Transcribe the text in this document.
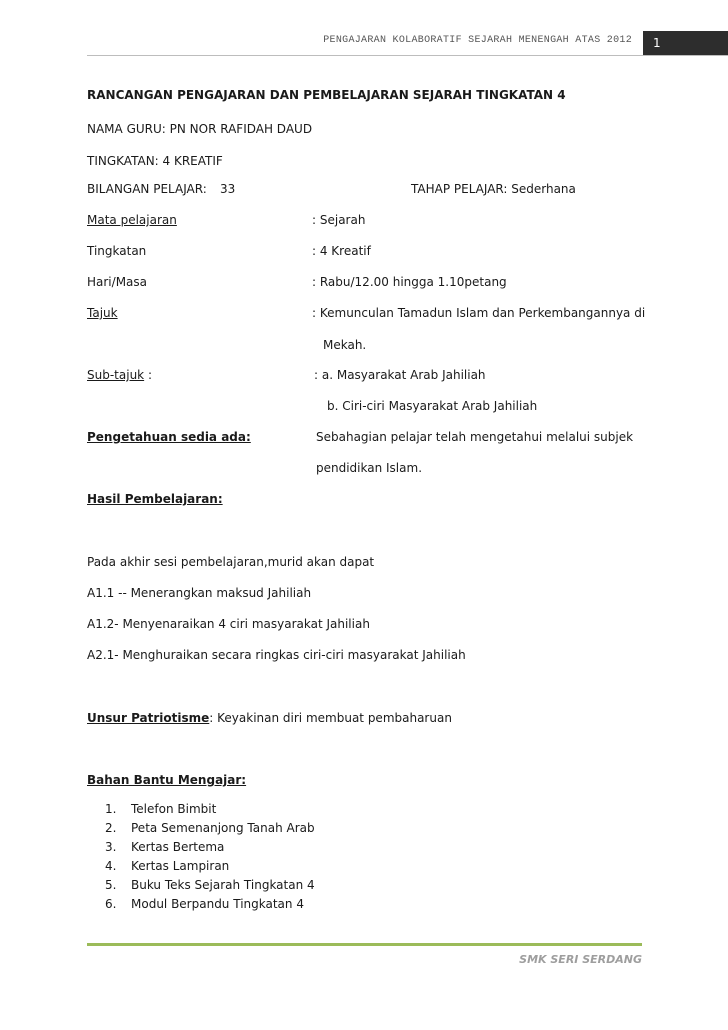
PENGAJARAN KOLABORATIF SEJARAH MENENGAH ATAS 2012	1
RANCANGAN PENGAJARAN DAN PEMBELAJARAN SEJARAH TINGKATAN 4
NAMA GURU: PN NOR RAFIDAH DAUD
TINGKATAN: 4 KREATIF
BILANGAN PELAJAR: 33	TAHAP PELAJAR: Sederhana
Mata pelajaran	: Sejarah
Tingkatan	: 4 Kreatif
Hari/Masa	: Rabu/12.00 hingga 1.10petang
Tajuk	: Kemunculan Tamadun Islam dan Perkembangannya di
Mekah.
Sub-tajuk :	: a. Masyarakat Arab Jahiliah
b. Ciri-ciri Masyarakat Arab Jahiliah
Pengetahuan sedia ada:	Sebahagian pelajar telah mengetahui melalui subjek
pendidikan Islam.
Hasil Pembelajaran:
Pada akhir sesi pembelajaran,murid akan dapat
A1.1 -- Menerangkan maksud Jahiliah
A1.2- Menyenaraikan 4 ciri masyarakat Jahiliah
A2.1- Menghuraikan secara ringkas ciri-ciri masyarakat Jahiliah
Unsur Patriotisme: Keyakinan diri membuat pembaharuan
Bahan Bantu Mengajar:
1. Telefon Bimbit
2. Peta Semenanjong Tanah Arab
3. Kertas Bertema
4. Kertas Lampiran
5. Buku Teks Sejarah Tingkatan 4
6. Modul Berpandu Tingkatan 4
SMK SERI SERDANG
